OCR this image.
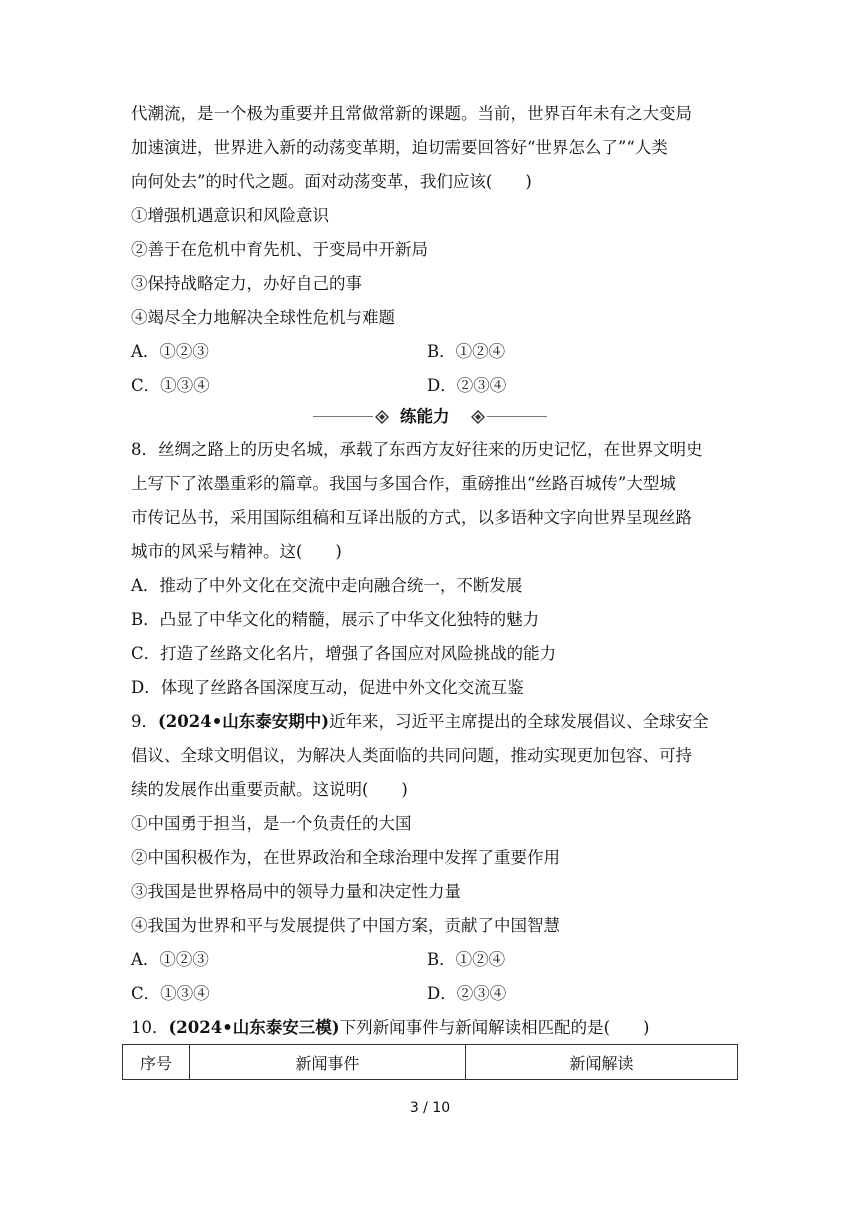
代潮流，是一个极为重要并且常做常新的课题。当前，世界百年未有之大变局
加速演进，世界进入新的动荡变革期，迫切需要回答好“世界怎么了”“人类
向何处去”的时代之题。面对动荡变革，我们应该(　　)
①增强机遇意识和风险意识
②善于在危机中育先机、于变局中开新局
③保持战略定力，办好自己的事
④竭尽全力地解决全球性危机与难题
A．①②③	B．①②④
C．①③④	D．②③④
练能力
8．丝绸之路上的历史名城，承载了东西方友好往来的历史记忆，在世界文明史
上写下了浓墨重彩的篇章。我国与多国合作，重磅推出“丝路百城传”大型城
市传记丛书，采用国际组稿和互译出版的方式，以多语种文字向世界呈现丝路
城市的风采与精神。这(　　)
A．推动了中外文化在交流中走向融合统一，不断发展
B．凸显了中华文化的精髓，展示了中华文化独特的魅力
C．打造了丝路文化名片，增强了各国应对风险挑战的能力
D．体现了丝路各国深度互动，促进中外文化交流互鉴
9．(2024•山东泰安期中)近年来，习近平主席提出的全球发展倡议、全球安全
倡议、全球文明倡议，为解决人类面临的共同问题，推动实现更加包容、可持
续的发展作出重要贡献。这说明(　　)
①中国勇于担当，是一个负责任的大国
②中国积极作为，在世界政治和全球治理中发挥了重要作用
③我国是世界格局中的领导力量和决定性力量
④我国为世界和平与发展提供了中国方案，贡献了中国智慧
A．①②③	B．①②④
C．①③④	D．②③④
10．(2024•山东泰安三模)下列新闻事件与新闻解读相匹配的是(　　)
序号	新闻事件	新闻解读
3 / 10
